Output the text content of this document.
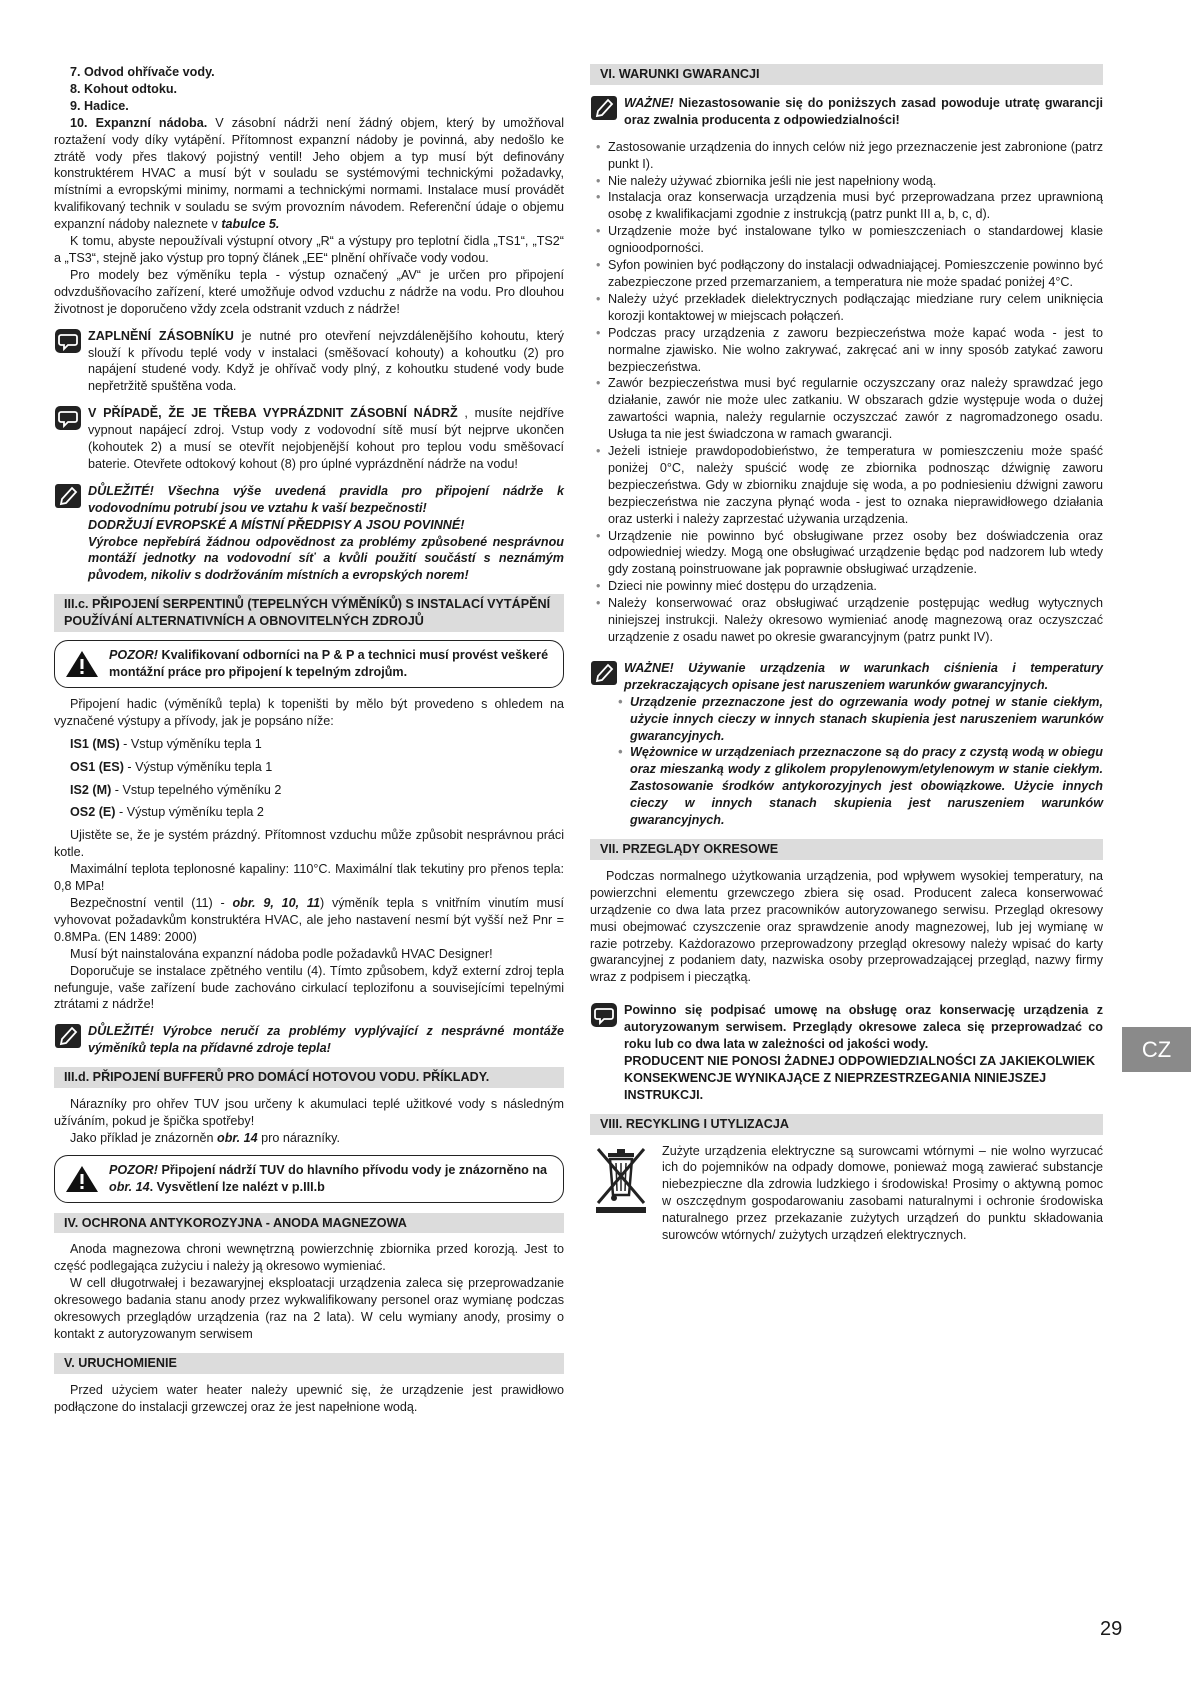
7. Odvod ohřívače vody.
8. Kohout odtoku.
9. Hadice.

10. Expanzní nádoba. V zásobní nádrži není žádný objem, který by umožňoval roztažení vody díky vytápění. Přítomnost expanzní nádoby je povinná, aby nedošlo ke ztrátě vody přes tlakový pojistný ventil! Jeho objem a typ musí být definovány konstruktérem HVAC a musí být v souladu se systémovými technickými požadavky, místními a evropskými minimy, normami a technickými normami. Instalace musí provádět kvalifikovaný technik v souladu se svým provozním návodem. Referenční údaje o objemu expanzní nádoby naleznete v tabulce 5.

K tomu, abyste nepoužívali výstupní otvory „R“ a výstupy pro teplotní čidla „TS1“, „TS2“ a „TS3“, stejně jako výstup pro topný článek „EE“ plnění ohřívače vody vodou.

Pro modely bez výměníku tepla - výstup označený „AV“ je určen pro připojení odvzdušňovacího zařízení, které umožňuje odvod vzduchu z nádrže na vodu. Pro dlouhou životnost je doporučeno vždy zcela odstranit vzduch z nádrže!

ZAPLNĚNÍ ZÁSOBNÍKU je nutné pro otevření nejvzdálenějšího kohoutu, který slouží k přívodu teplé vody v instalaci (směšovací kohouty) a kohoutku (2) pro napájení studené vody. Když je ohřívač vody plný, z kohoutku studené vody bude nepřetržitě spuštěna voda.
V PŘÍPADĚ, ŽE JE TŘEBA VYPRÁZDNIT ZÁSOBNÍ NÁDRŽ , musíte nejdříve vypnout napájecí zdroj. Vstup vody z vodovodní sítě musí být nejprve ukončen (kohoutek 2) a musí se otevřít nejobjenější kohout pro teplou vodu směšovací baterie. Otevřete odtokový kohout (8) pro úplné vyprázdnění nádrže na vodu!
DŮLEŽITÉ! Všechna výše uvedená pravidla pro připojení nádrže k vodovodnímu potrubí jsou ve vztahu k vaší bezpečnosti!
DODRŽUJÍ EVROPSKÉ A MÍSTNÍ PŘEDPISY A JSOU POVINNÉ!
Výrobce nepřebírá žádnou odpovědnost za problémy způsobené nesprávnou montáží jednotky na vodovodní síť a kvůli použití součástí s neznámým původem, nikoliv s dodržováním místních a evropských norem!
III.c. PŘIPOJENÍ SERPENTINŮ (TEPELNÝCH VÝMĚNÍKŮ) S INSTALACÍ VYTÁPĚNÍ POUŽÍVÁNÍ ALTERNATIVNÍCH A OBNOVITELNÝCH ZDROJŮ
POZOR! Kvalifikovaní odborníci na P & P a technici musí provést veškeré montážní práce pro připojení k tepelným zdrojům.

Připojení hadic (výměníků tepla) k topeništi by mělo být provedeno s ohledem na vyznačené výstupy a přívody, jak je popsáno níže:

IS1 (MS) - Vstup výměníku tepla 1
OS1 (ES) - Výstup výměníku tepla 1
IS2 (M) - Vstup tepelného výměníku 2
OS2 (E) - Výstup výměníku tepla 2

Ujistěte se, že je systém prázdný. Přítomnost vzduchu může způsobit nesprávnou práci kotle.

Maximální teplota teplonosné kapaliny: 110°C. Maximální tlak tekutiny pro přenos tepla: 0,8 MPa!

Bezpečnostní ventil (11) - obr. 9, 10, 11) výměník tepla s vnitřním vinutím musí vyhovovat požadavkům konstruktéra HVAC, ale jeho nastavení nesmí být vyšší než Pnr = 0.8MPa. (EN 1489: 2000)

Musí být nainstalována expanzní nádoba podle požadavků HVAC Designer!

Doporučuje se instalace zpětného ventilu (4). Tímto způsobem, když externí zdroj tepla nefunguje, vaše zařízení bude zachováno cirkulací teplozifonu a souvisejícími tepelnými ztrátami z nádrže!

DŮLEŽITÉ! Výrobce neručí za problémy vyplývající z nesprávné montáže výměníků tepla na přídavné zdroje tepla!
III.d. PŘIPOJENÍ BUFFERŮ PRO DOMÁCÍ HOTOVOU VODU. PŘÍKLADY.

Nárazníky pro ohřev TUV jsou určeny k akumulaci teplé užitkové vody s následným užíváním, pokud je špička spotřeby!

Jako příklad je znázorněn obr. 14 pro nárazníky.

POZOR! Připojení nádrží TUV do hlavního přívodu vody je znázorněno na obr. 14. Vysvětlení lze nalézt v p.III.b
IV. OCHRONA ANTYKOROZYJNA - ANODA MAGNEZOWA

Anoda magnezowa chroni wewnętrzną powierzchnię zbiornika przed korozją. Jest to część podlegająca zużyciu i należy ją okresowo wymieniać.

W cell długotrwałej i bezawaryjnej eksploatacji urządzenia zaleca się przeprowadzanie okresowego badania stanu anody przez wykwalifikowany personel oraz wymianę podczas okresowych przeglądów urządzenia (raz na 2 lata). W celu wymiany anody, prosimy o kontakt z autoryzowanym serwisem

V. URUCHOMIENIE

Przed użyciem water heater należy upewnić się, że urządzenie jest prawidłowo podłączone do instalacji grzewczej oraz że jest napełnione wodą.

VI. WARUNKI GWARANCJI
WAŻNE! Niezastosowanie się do poniższych zasad powoduje utratę gwarancji oraz zwalnia producenta z odpowiedzialności!
• Zastosowanie urządzenia do innych celów niż jego przeznaczenie jest zabronione (patrz punkt I).
• Nie należy używać zbiornika jeśli nie jest napełniony wodą.
• Instalacja oraz konserwacja urządzenia musi być przeprowadzana przez uprawnioną osobę z kwalifikacjami zgodnie z instrukcją (patrz punkt III a, b, c, d).
• Urządzenie może być instalowane tylko w pomieszczeniach o standardowej klasie ognioodporności.
• Syfon powinien być podłączony do instalacji odwadniającej. Pomieszczenie powinno być zabezpieczone przed przemarzaniem, a temperatura nie może spadać poniżej 4°C.
• Należy użyć przekładek dielektrycznych podłączając miedziane rury celem uniknięcia korozji kontaktowej w miejscach połączeń.
• Podczas pracy urządzenia z zaworu bezpieczeństwa może kapać woda - jest to normalne zjawisko. Nie wolno zakrywać, zakręcać ani w inny sposób zatykać zaworu bezpieczeństwa.
• Zawór bezpieczeństwa musi być regularnie oczyszczany oraz należy sprawdzać jego działanie, zawór nie może ulec zatkaniu. W obszarach gdzie występuje woda o dużej zawartości wapnia, należy regularnie oczyszczać zawór z nagromadzonego osadu. Usługa ta nie jest świadczona w ramach gwarancji.
• Jeżeli istnieje prawdopodobieństwo, że temperatura w pomieszczeniu może spaść poniżej 0°C, należy spuścić wodę ze zbiornika podnosząc dźwignię zaworu bezpieczeństwa. Gdy w zbiorniku znajduje się woda, a po podniesieniu dźwigni zaworu bezpieczeństwa nie zaczyna płynąć woda - jest to oznaka nieprawidłowego działania oraz usterki i należy zaprzestać używania urządzenia.
• Urządzenie nie powinno być obsługiwane przez osoby bez doświadczenia oraz odpowiedniej wiedzy. Mogą one obsługiwać urządzenie będąc pod nadzorem lub wtedy gdy zostaną poinstruowane jak poprawnie obsługiwać urządzenie.
• Dzieci nie powinny mieć dostępu do urządzenia.
• Należy konserwować oraz obsługiwać urządzenie postępując według wytycznych niniejszej instrukcji. Należy okresowo wymieniać anodę magnezową oraz oczyszczać urządzenie z osadu nawet po okresie gwarancyjnym (patrz punkt IV).
WAŻNE! Używanie urządzenia w warunkach ciśnienia i temperatury przekraczających opisane jest naruszeniem warunków gwarancyjnych.
• Urządzenie przeznaczone jest do ogrzewania wody potnej w stanie ciekłym, użycie innych cieczy w innych stanach skupienia jest naruszeniem warunków gwarancyjnych.
• Wężownice w urządzeniach przeznaczone są do pracy z czystą wodą w obiegu oraz mieszanką wody z glikolem propylenowym/etylenowym w stanie ciekłym. Zastosowanie środków antykorozyjnych jest obowiązkowe. Użycie innych cieczy w innych stanach skupienia jest naruszeniem warunków gwarancyjnych.
VII. PRZEGLĄDY OKRESOWE

Podczas normalnego użytkowania urządzenia, pod wpływem wysokiej temperatury, na powierzchni elementu grzewczego zbiera się osad. Producent zaleca konserwować urządzenie co dwa lata przez pracowników autoryzowanego serwisu. Przegląd okresowy musi obejmować czyszczenie oraz sprawdzenie anody magnezowej, lub jej wymianę w razie potrzeby. Każdorazowo przeprowadzony przegląd okresowy należy wpisać do karty gwarancyjnej z podaniem daty, nazwiska osoby przeprowadzającej przegląd, nazwy firmy wraz z podpisem i pieczątką.

Powinno się podpisać umowę na obsługę oraz konserwację urządzenia z autoryzowanym serwisem. Przeglądy okresowe zaleca się przeprowadzać co roku lub co dwa lata w zależności od jakości wody.
PRODUCENT NIE PONOSI ŻADNEJ ODPOWIEDZIALNOŚCI ZA JAKIEKOLWIEK KONSEKWENCJE WYNIKAJĄCE Z NIEPRZESTRZEGANIA NINIEJSZEJ INSTRUKCJI.
VIII. RECYKLING I UTYLIZACJA

Zużyte urządzenia elektryczne są surowcami wtórnymi – nie wolno wyrzucać ich do pojemników na odpady domowe, ponieważ mogą zawierać substancje niebezpieczne dla zdrowia ludzkiego i środowiska! Prosimy o aktywną pomoc w oszczędnym gospodarowaniu zasobami naturalnymi i ochronie środowiska naturalnego przez przekazanie zużytych urządzeń do punktu składowania surowców wtórnych/ zużytych urządzeń elektrycznych.

CZ
29
